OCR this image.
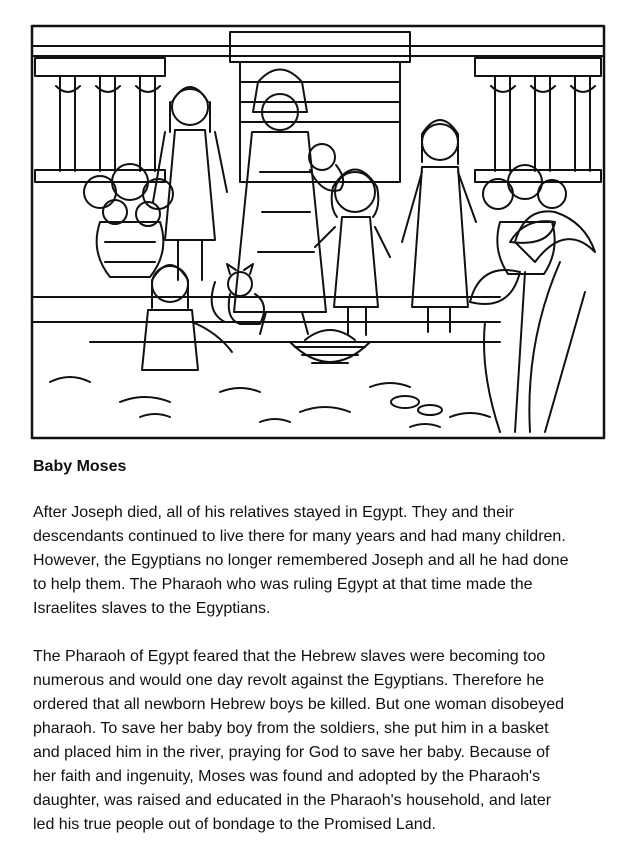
Baby Moses
After Joseph died, all of his relatives stayed in Egypt. They and their
descendants continued to live there for many years and had many children.
However, the Egyptians no longer remembered Joseph and all he had done
to help them. The Pharaoh who was ruling Egypt at that time made the
Israelites slaves to the Egyptians.
The Pharaoh of Egypt feared that the Hebrew slaves were becoming too
numerous and would one day revolt against the Egyptians. Therefore he
ordered that all newborn Hebrew boys be killed. But one woman disobeyed
pharaoh. To save her baby boy from the soldiers, she put him in a basket
and placed him in the river, praying for God to save her baby. Because of
her faith and ingenuity, Moses was found and adopted by the Pharaoh's
daughter, was raised and educated in the Pharaoh's household, and later
led his true people out of bondage to the Promised Land.
